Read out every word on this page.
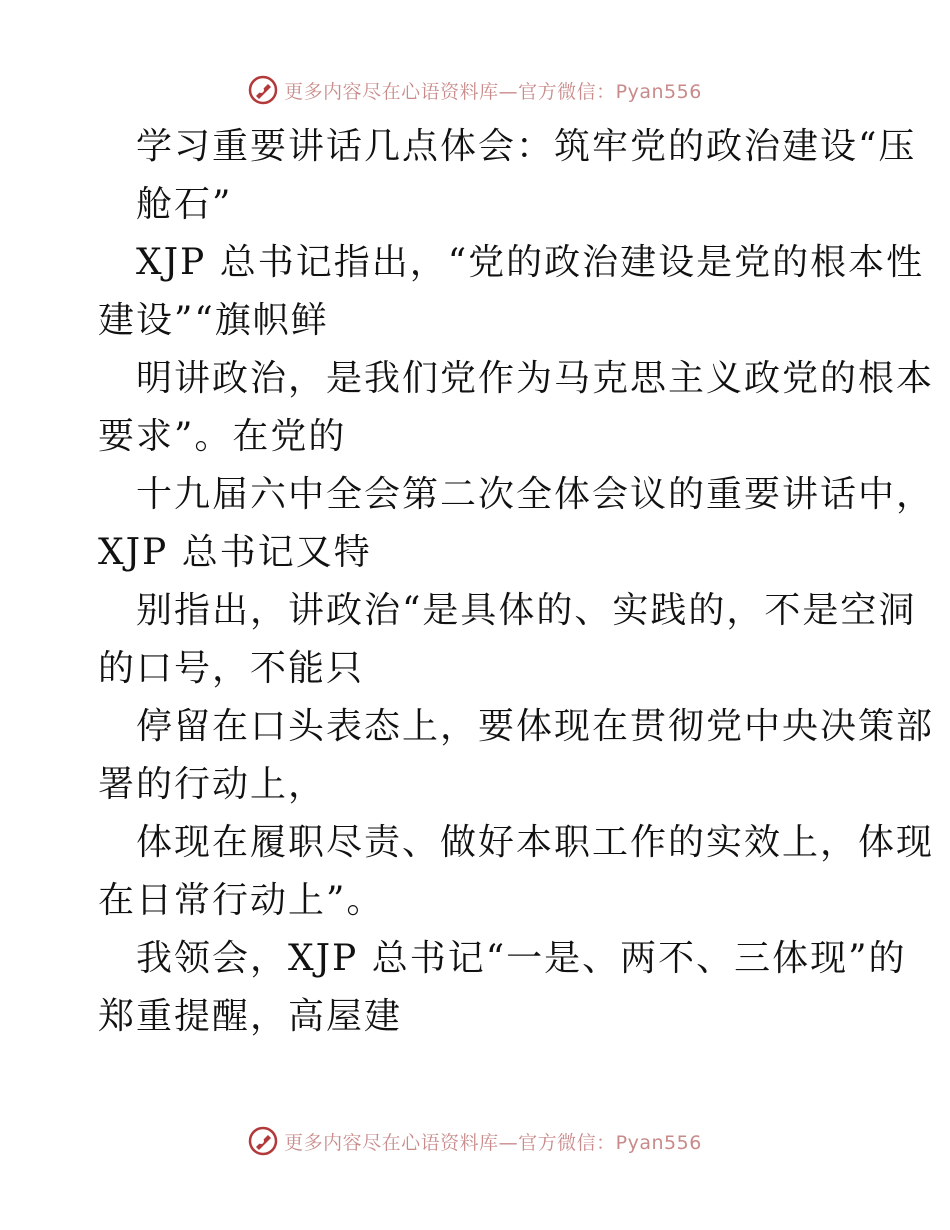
更多内容尽在心语资料库—官方微信：Pyan556
学习重要讲话几点体会：筑牢党的政治建设“压
舱石”
XJP 总书记指出，“党的政治建设是党的根本性
建设”“旗帜鲜
明讲政治，是我们党作为马克思主义政党的根本
要求”。在党的
十九届六中全会第二次全体会议的重要讲话中，
XJP 总书记又特
别指出，讲政治“是具体的、实践的，不是空洞
的口号，不能只
停留在口头表态上，要体现在贯彻党中央决策部
署的行动上，
体现在履职尽责、做好本职工作的实效上，体现
在日常行动上”。
我领会，XJP 总书记“一是、两不、三体现”的
郑重提醒，高屋建
更多内容尽在心语资料库—官方微信：Pyan556
